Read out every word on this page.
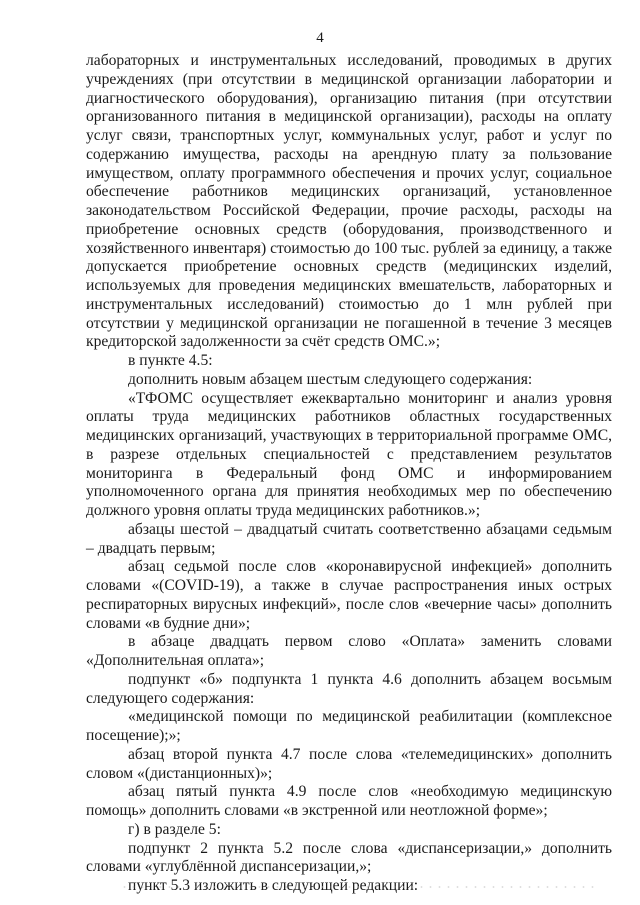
4

лабораторных и инструментальных исследований, проводимых в других учреждениях (при отсутствии в медицинской организации лаборатории и диагностического оборудования), организацию питания (при отсутствии организованного питания в медицинской организации), расходы на оплату услуг связи, транспортных услуг, коммунальных услуг, работ и услуг по содержанию имущества, расходы на арендную плату за пользование имуществом, оплату программного обеспечения и прочих услуг, социальное обеспечение работников медицинских организаций, установленное законодательством Российской Федерации, прочие расходы, расходы на приобретение основных средств (оборудования, производственного и хозяйственного инвентаря) стоимостью до 100 тыс. рублей за единицу, а также допускается приобретение основных средств (медицинских изделий, используемых для проведения медицинских вмешательств, лабораторных и инструментальных исследований) стоимостью до 1 млн рублей при отсутствии у медицинской организации не погашенной в течение 3 месяцев кредиторской задолженности за счёт средств ОМС.»;

в пункте 4.5:

дополнить новым абзацем шестым следующего содержания:

«ТФОМС осуществляет ежеквартально мониторинг и анализ уровня оплаты труда медицинских работников областных государственных медицинских организаций, участвующих в территориальной программе ОМС, в разрезе отдельных специальностей с представлением результатов мониторинга в Федеральный фонд ОМС и информированием уполномоченного органа для принятия необходимых мер по обеспечению должного уровня оплаты труда медицинских работников.»;

абзацы шестой – двадцатый считать соответственно абзацами седьмым – двадцать первым;

абзац седьмой после слов «коронавирусной инфекцией» дополнить словами «(COVID-19), а также в случае распространения иных острых респираторных вирусных инфекций», после слов «вечерние часы» дополнить словами «в будние дни»;

в абзаце двадцать первом слово «Оплата» заменить словами «Дополнительная оплата»;

подпункт «б» подпункта 1 пункта 4.6 дополнить абзацем восьмым следующего содержания:

«медицинской помощи по медицинской реабилитации (комплексное посещение);»;

абзац второй пункта 4.7 после слова «телемедицинских» дополнить словом «(дистанционных)»;

абзац пятый пункта 4.9 после слов «необходимую медицинскую помощь» дополнить словами «в экстренной или неотложной форме»;

г) в разделе 5:

подпункт 2 пункта 5.2 после слова «диспансеризации,» дополнить словами «углублённой диспансеризации,»;

пункт 5.3 изложить в следующей редакции:
